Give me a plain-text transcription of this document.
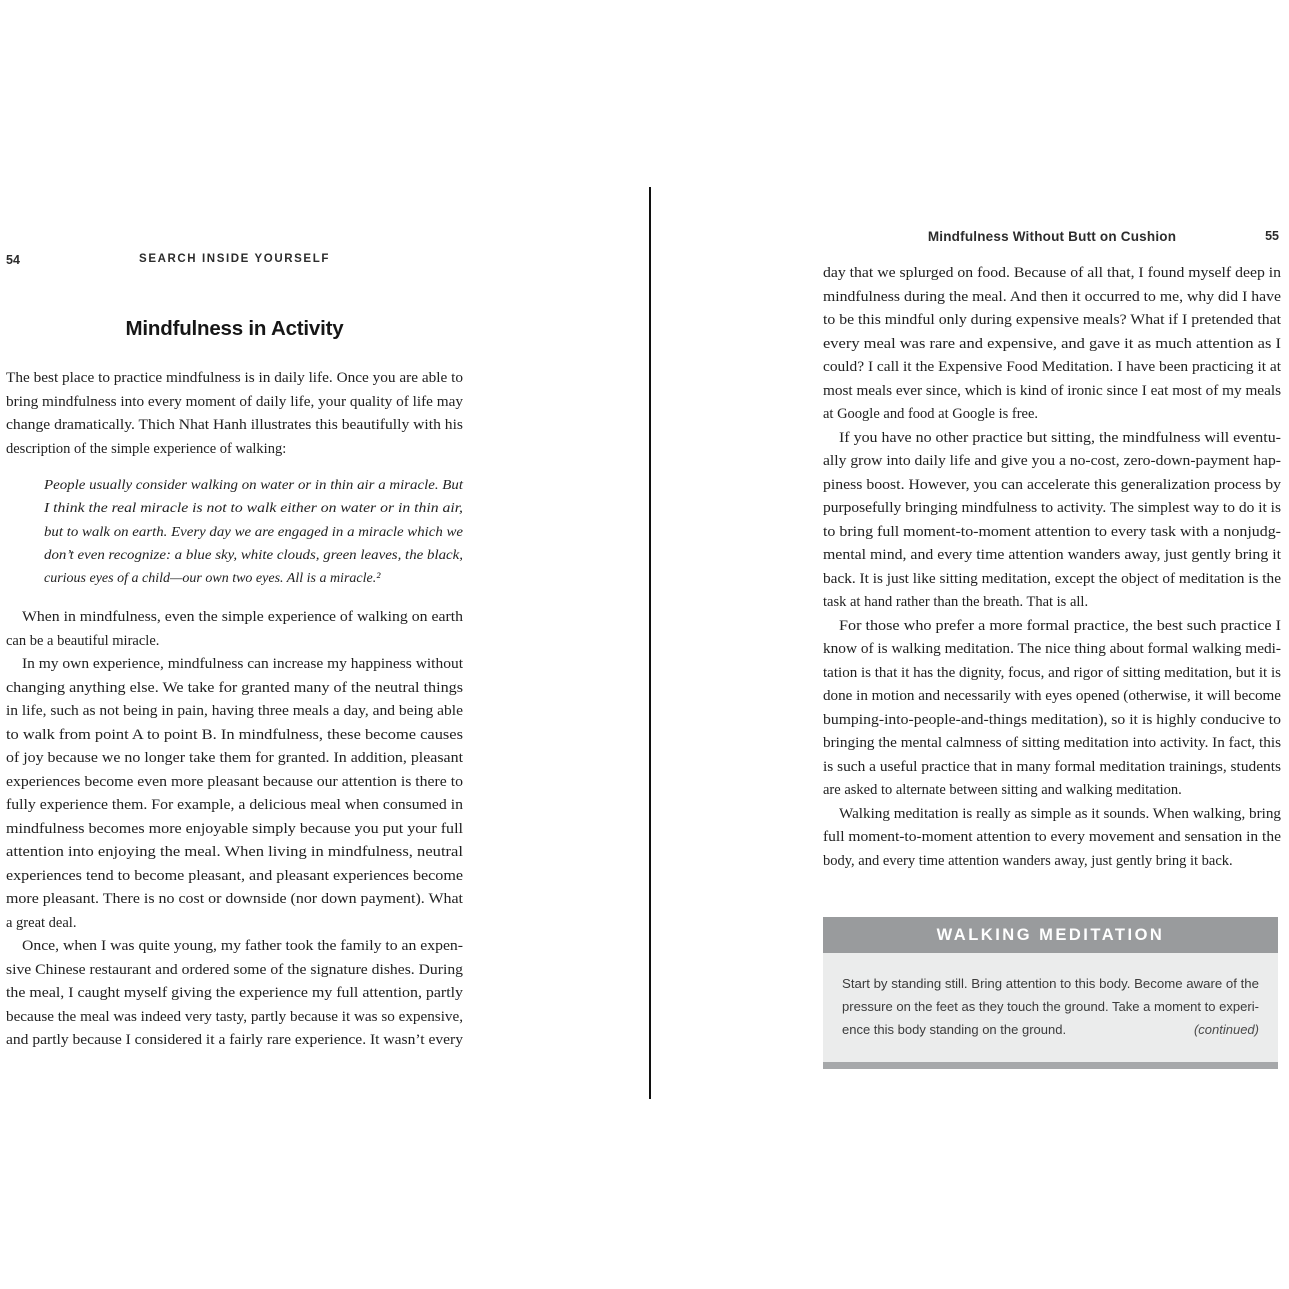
54	SEARCH INSIDE YOURSELF
Mindfulness in Activity
The best place to practice mindfulness is in daily life. Once you are able to
bring mindfulness into every moment of daily life, your quality of life may
change dramatically. Thich Nhat Hanh illustrates this beautifully with his
description of the simple experience of walking:
People usually consider walking on water or in thin air a miracle. But
I think the real miracle is not to walk either on water or in thin air,
but to walk on earth. Every day we are engaged in a miracle which we
don’t even recognize: a blue sky, white clouds, green leaves, the black,
curious eyes of a child—our own two eyes. All is a miracle.²
When in mindfulness, even the simple experience of walking on earth
can be a beautiful miracle.
In my own experience, mindfulness can increase my happiness without
changing anything else. We take for granted many of the neutral things
in life, such as not being in pain, having three meals a day, and being able
to walk from point A to point B. In mindfulness, these become causes
of joy because we no longer take them for granted. In addition, pleasant
experiences become even more pleasant because our attention is there to
fully experience them. For example, a delicious meal when consumed in
mindfulness becomes more enjoyable simply because you put your full
attention into enjoying the meal. When living in mindfulness, neutral
experiences tend to become pleasant, and pleasant experiences become
more pleasant. There is no cost or downside (nor down payment). What
a great deal.
Once, when I was quite young, my father took the family to an expen-
sive Chinese restaurant and ordered some of the signature dishes. During
the meal, I caught myself giving the experience my full attention, partly
because the meal was indeed very tasty, partly because it was so expensive,
and partly because I considered it a fairly rare experience. It wasn’t every
Mindfulness Without Butt on Cushion	55
day that we splurged on food. Because of all that, I found myself deep in
mindfulness during the meal. And then it occurred to me, why did I have
to be this mindful only during expensive meals? What if I pretended that
every meal was rare and expensive, and gave it as much attention as I
could? I call it the Expensive Food Meditation. I have been practicing it at
most meals ever since, which is kind of ironic since I eat most of my meals
at Google and food at Google is free.
If you have no other practice but sitting, the mindfulness will eventu-
ally grow into daily life and give you a no-cost, zero-down-payment hap-
piness boost. However, you can accelerate this generalization process by
purposefully bringing mindfulness to activity. The simplest way to do it is
to bring full moment-to-moment attention to every task with a nonjudg-
mental mind, and every time attention wanders away, just gently bring it
back. It is just like sitting meditation, except the object of meditation is the
task at hand rather than the breath. That is all.
For those who prefer a more formal practice, the best such practice I
know of is walking meditation. The nice thing about formal walking medi-
tation is that it has the dignity, focus, and rigor of sitting meditation, but it is
done in motion and necessarily with eyes opened (otherwise, it will become
bumping-into-people-and-things meditation), so it is highly conducive to
bringing the mental calmness of sitting meditation into activity. In fact, this
is such a useful practice that in many formal meditation trainings, students
are asked to alternate between sitting and walking meditation.
Walking meditation is really as simple as it sounds. When walking, bring
full moment-to-moment attention to every movement and sensation in the
body, and every time attention wanders away, just gently bring it back.
WALKING MEDITATION
Start by standing still. Bring attention to this body. Become aware of the
pressure on the feet as they touch the ground. Take a moment to experi-
ence this body standing on the ground.	(continued)
